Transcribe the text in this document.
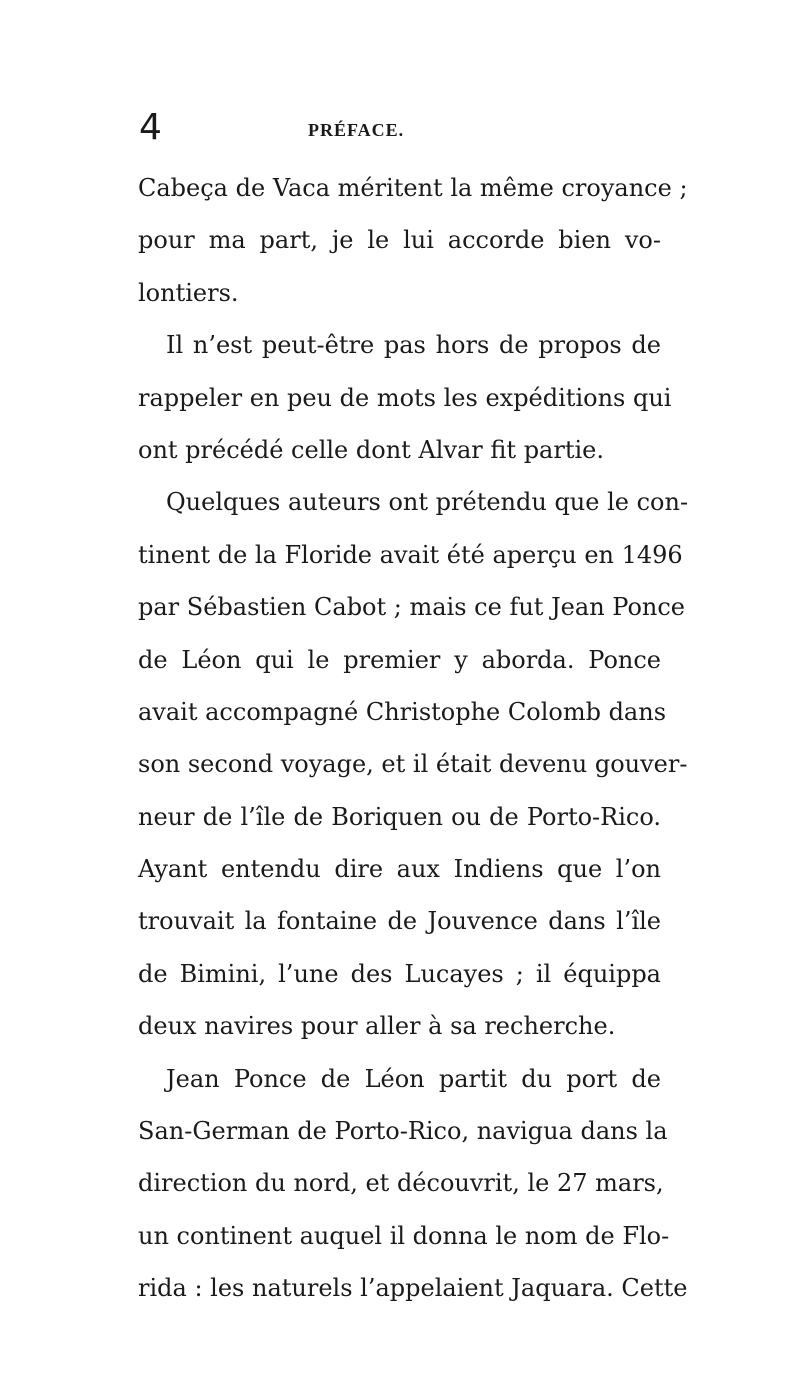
4	PRÉFACE.
Cabeça de Vaca méritent la même croyance ;
pour ma part, je le lui accorde bien vo-
lontiers.
Il n’est peut-être pas hors de propos de
rappeler en peu de mots les expéditions qui
ont précédé celle dont Alvar fit partie.
Quelques auteurs ont prétendu que le con-
tinent de la Floride avait été aperçu en 1496
par Sébastien Cabot ; mais ce fut Jean Ponce
de Léon qui le premier y aborda. Ponce
avait accompagné Christophe Colomb dans
son second voyage, et il était devenu gouver-
neur de l’île de Boriquen ou de Porto-Rico.
Ayant entendu dire aux Indiens que l’on
trouvait la fontaine de Jouvence dans l’île
de Bimini, l’une des Lucayes ; il équippa
deux navires pour aller à sa recherche.
Jean Ponce de Léon partit du port de
San-German de Porto-Rico, navigua dans la
direction du nord, et découvrit, le 27 mars,
un continent auquel il donna le nom de Flo-
rida : les naturels l’appelaient Jaquara. Cette
